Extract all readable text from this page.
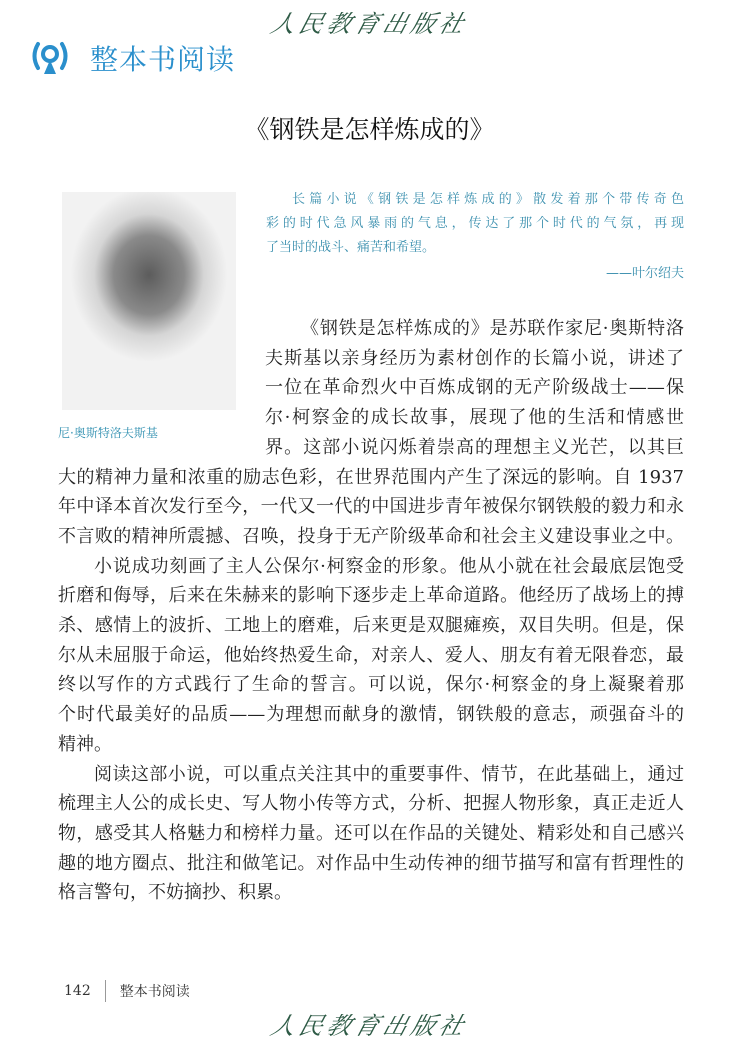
人民教育出版社
整本书阅读
《钢铁是怎样炼成的》
尼·奥斯特洛夫斯基
长篇小说《钢铁是怎样炼成的》散发着那个带传奇色
彩的时代急风暴雨的气息，传达了那个时代的气氛，再现
了当时的战斗、痛苦和希望。
——叶尔绍夫
《钢铁是怎样炼成的》是苏联作家尼·奥斯特洛
夫斯基以亲身经历为素材创作的长篇小说，讲述了
一位在革命烈火中百炼成钢的无产阶级战士——保
尔·柯察金的成长故事，展现了他的生活和情感世
界。这部小说闪烁着崇高的理想主义光芒，以其巨
大的精神力量和浓重的励志色彩，在世界范围内产生了深远的影响。自 1937
年中译本首次发行至今，一代又一代的中国进步青年被保尔钢铁般的毅力和永
不言败的精神所震撼、召唤，投身于无产阶级革命和社会主义建设事业之中。
小说成功刻画了主人公保尔·柯察金的形象。他从小就在社会最底层饱受
折磨和侮辱，后来在朱赫来的影响下逐步走上革命道路。他经历了战场上的搏
杀、感情上的波折、工地上的磨难，后来更是双腿瘫痪，双目失明。但是，保
尔从未屈服于命运，他始终热爱生命，对亲人、爱人、朋友有着无限眷恋，最
终以写作的方式践行了生命的誓言。可以说，保尔·柯察金的身上凝聚着那
个时代最美好的品质——为理想而献身的激情，钢铁般的意志，顽强奋斗的
精神。
阅读这部小说，可以重点关注其中的重要事件、情节，在此基础上，通过
梳理主人公的成长史、写人物小传等方式，分析、把握人物形象，真正走近人
物，感受其人格魅力和榜样力量。还可以在作品的关键处、精彩处和自己感兴
趣的地方圈点、批注和做笔记。对作品中生动传神的细节描写和富有哲理性的
格言警句，不妨摘抄、积累。
142 整本书阅读
人民教育出版社
